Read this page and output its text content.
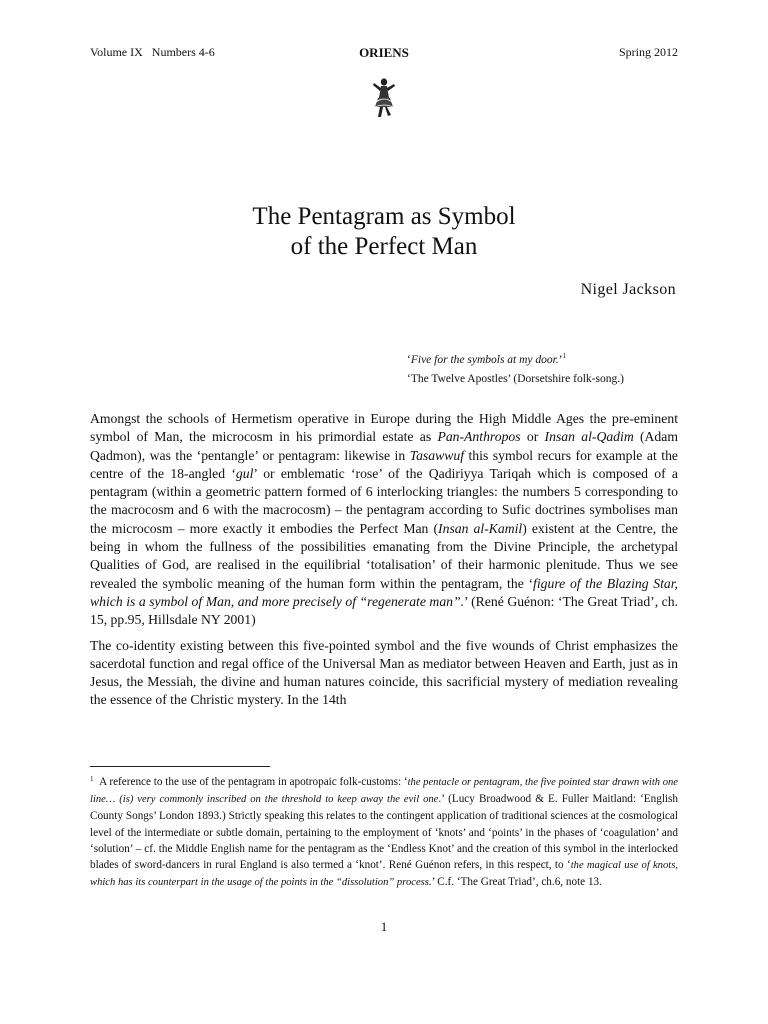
Volume IX   Numbers 4-6	ORIENS	Spring 2012
The Pentagram as Symbol
of the Perfect Man
Nigel Jackson
‘Five for the symbols at my door.’$^1$
‘The Twelve Apostles’ (Dorsetshire folk-song.)

Amongst the schools of Hermetism operative in Europe during the High Middle Ages the pre-eminent symbol of Man, the microcosm in his primordial estate as Pan-Anthropos or Insan al-Qadim (Adam Qadmon), was the ‘pentangle’ or pentagram: likewise in Tasawwuf this symbol recurs for example at the centre of the 18-angled ‘gul’ or emblematic ‘rose’ of the Qadiriyya Tariqah which is composed of a pentagram (within a geometric pattern formed of 6 interlocking triangles: the numbers 5 corresponding to the macrocosm and 6 with the macrocosm) – the pentagram according to Sufic doctrines symbolises man the microcosm – more exactly it embodies the Perfect Man (Insan al-Kamil) existent at the Centre, the being in whom the fullness of the possibilities emanating from the Divine Principle, the archetypal Qualities of God, are realised in the equilibrial ‘totalisation’ of their harmonic plenitude. Thus we see revealed the symbolic meaning of the human form within the pentagram, the ‘figure of the Blazing Star, which is a symbol of Man, and more precisely of “regenerate man”.’ (René Guénon: ‘The Great Triad’, ch. 15, pp.95, Hillsdale NY 2001)

The co-identity existing between this five-pointed symbol and the five wounds of Christ emphasizes the sacerdotal function and regal office of the Universal Man as mediator between Heaven and Earth, just as in Jesus, the Messiah, the divine and human natures coincide, this sacrificial mystery of mediation revealing the essence of the Christic mystery. In the 14th

$^1$ A reference to the use of the pentagram in apotropaic folk-customs: ‘the pentacle or pentagram, the five pointed star drawn with one line… (is) very commonly inscribed on the threshold to keep away the evil one.’ (Lucy Broadwood & E. Fuller Maitland: ‘English County Songs’ London 1893.) Strictly speaking this relates to the contingent application of traditional sciences at the cosmological level of the intermediate or subtle domain, pertaining to the employment of ‘knots’ and ‘points’ in the phases of ‘coagulation’ and ‘solution’ – cf. the Middle English name for the pentagram as the ‘Endless Knot’ and the creation of this symbol in the interlocked blades of sword-dancers in rural England is also termed a ‘knot’. René Guénon refers, in this respect, to ‘the magical use of knots, which has its counterpart in the usage of the points in the “dissolution” process.’ C.f. ‘The Great Triad’, ch.6, note 13.
1
